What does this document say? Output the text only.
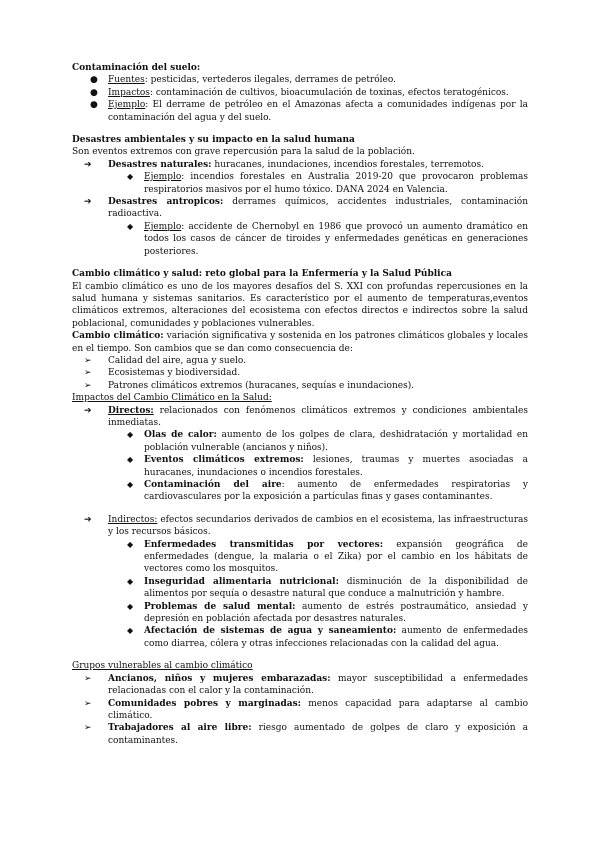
Contaminación del suelo:

● Fuentes: pesticidas, vertederos ilegales, derrames de petróleo.
● Impactos: contaminación de cultivos, bioacumulación de toxinas, efectos teratogénicos.
● Ejemplo: El derrame de petróleo en el Amazonas afecta a comunidades indígenas por la contaminación del agua y del suelo.

Desastres ambientales y su impacto en la salud humana

Son eventos extremos con grave repercusión para la salud de la población.

➔ Desastres naturales: huracanes, inundaciones, incendios forestales, terremotos.
◆ Ejemplo: incendios forestales en Australia 2019-20 que provocaron problemas respiratorios masivos por el humo tóxico. DANA 2024 en Valencia.
➔ Desastres antropicos: derrames químicos, accidentes industriales, contaminación radioactiva.
◆ Ejemplo: accidente de Chernobyl en 1986 que provocó un aumento dramático en todos los casos de cáncer de tiroides y enfermedades genéticas en generaciones posteriores.

Cambio climático y salud: reto global para la Enfermería y la Salud Pública

El cambio climático es uno de los mayores desafíos del S. XXI con profundas repercusiones en la salud humana y sistemas sanitarios. Es característico por el aumento de temperaturas,eventos climáticos extremos, alteraciones del ecosistema con efectos directos e indirectos sobre la salud poblacional, comunidades y poblaciones vulnerables.

Cambio climático: variación significativa y sostenida en los patrones climáticos globales y locales en el tiempo. Son cambios que se dan como consecuencia de:

➢ Calidad del aire, agua y suelo.
➢ Ecosistemas y biodiversidad.
➢ Patrones climáticos extremos (huracanes, sequías e inundaciones).

Impactos del Cambio Climático en la Salud:

➔ Directos: relacionados con fenómenos climáticos extremos y condiciones ambientales inmediatas.
◆ Olas de calor: aumento de los golpes de clara, deshidratación y mortalidad en población vulnerable (ancianos y niños).
◆ Eventos climáticos extremos: lesiones, traumas y muertes asociadas a huracanes, inundaciones o incendios forestales.
◆ Contaminación del aire: aumento de enfermedades respiratorias y cardiovasculares por la exposición a partículas finas y gases contaminantes.
➔ Indirectos: efectos secundarios derivados de cambios en el ecosistema, las infraestructuras y los recursos básicos.
◆ Enfermedades transmitidas por vectores: expansión geográfica de enfermedades (dengue, la malaria o el Zika) por el cambio en los hábitats de vectores como los mosquitos.
◆ Inseguridad alimentaria nutricional: disminución de la disponibilidad de alimentos por sequía o desastre natural que conduce a malnutrición y hambre.
◆ Problemas de salud mental: aumento de estrés postraumático, ansiedad y depresión en población afectada por desastres naturales.
◆ Afectación de sistemas de agua y saneamiento: aumento de enfermedades como diarrea, cólera y otras infecciones relacionadas con la calidad del agua.

Grupos vulnerables al cambio climático

➢ Ancianos, niños y mujeres embarazadas: mayor susceptibilidad a enfermedades relacionadas con el calor y la contaminación.
➢ Comunidades pobres y marginadas: menos capacidad para adaptarse al cambio climático.
➢ Trabajadores al aire libre: riesgo aumentado de golpes de claro y exposición a contaminantes.
